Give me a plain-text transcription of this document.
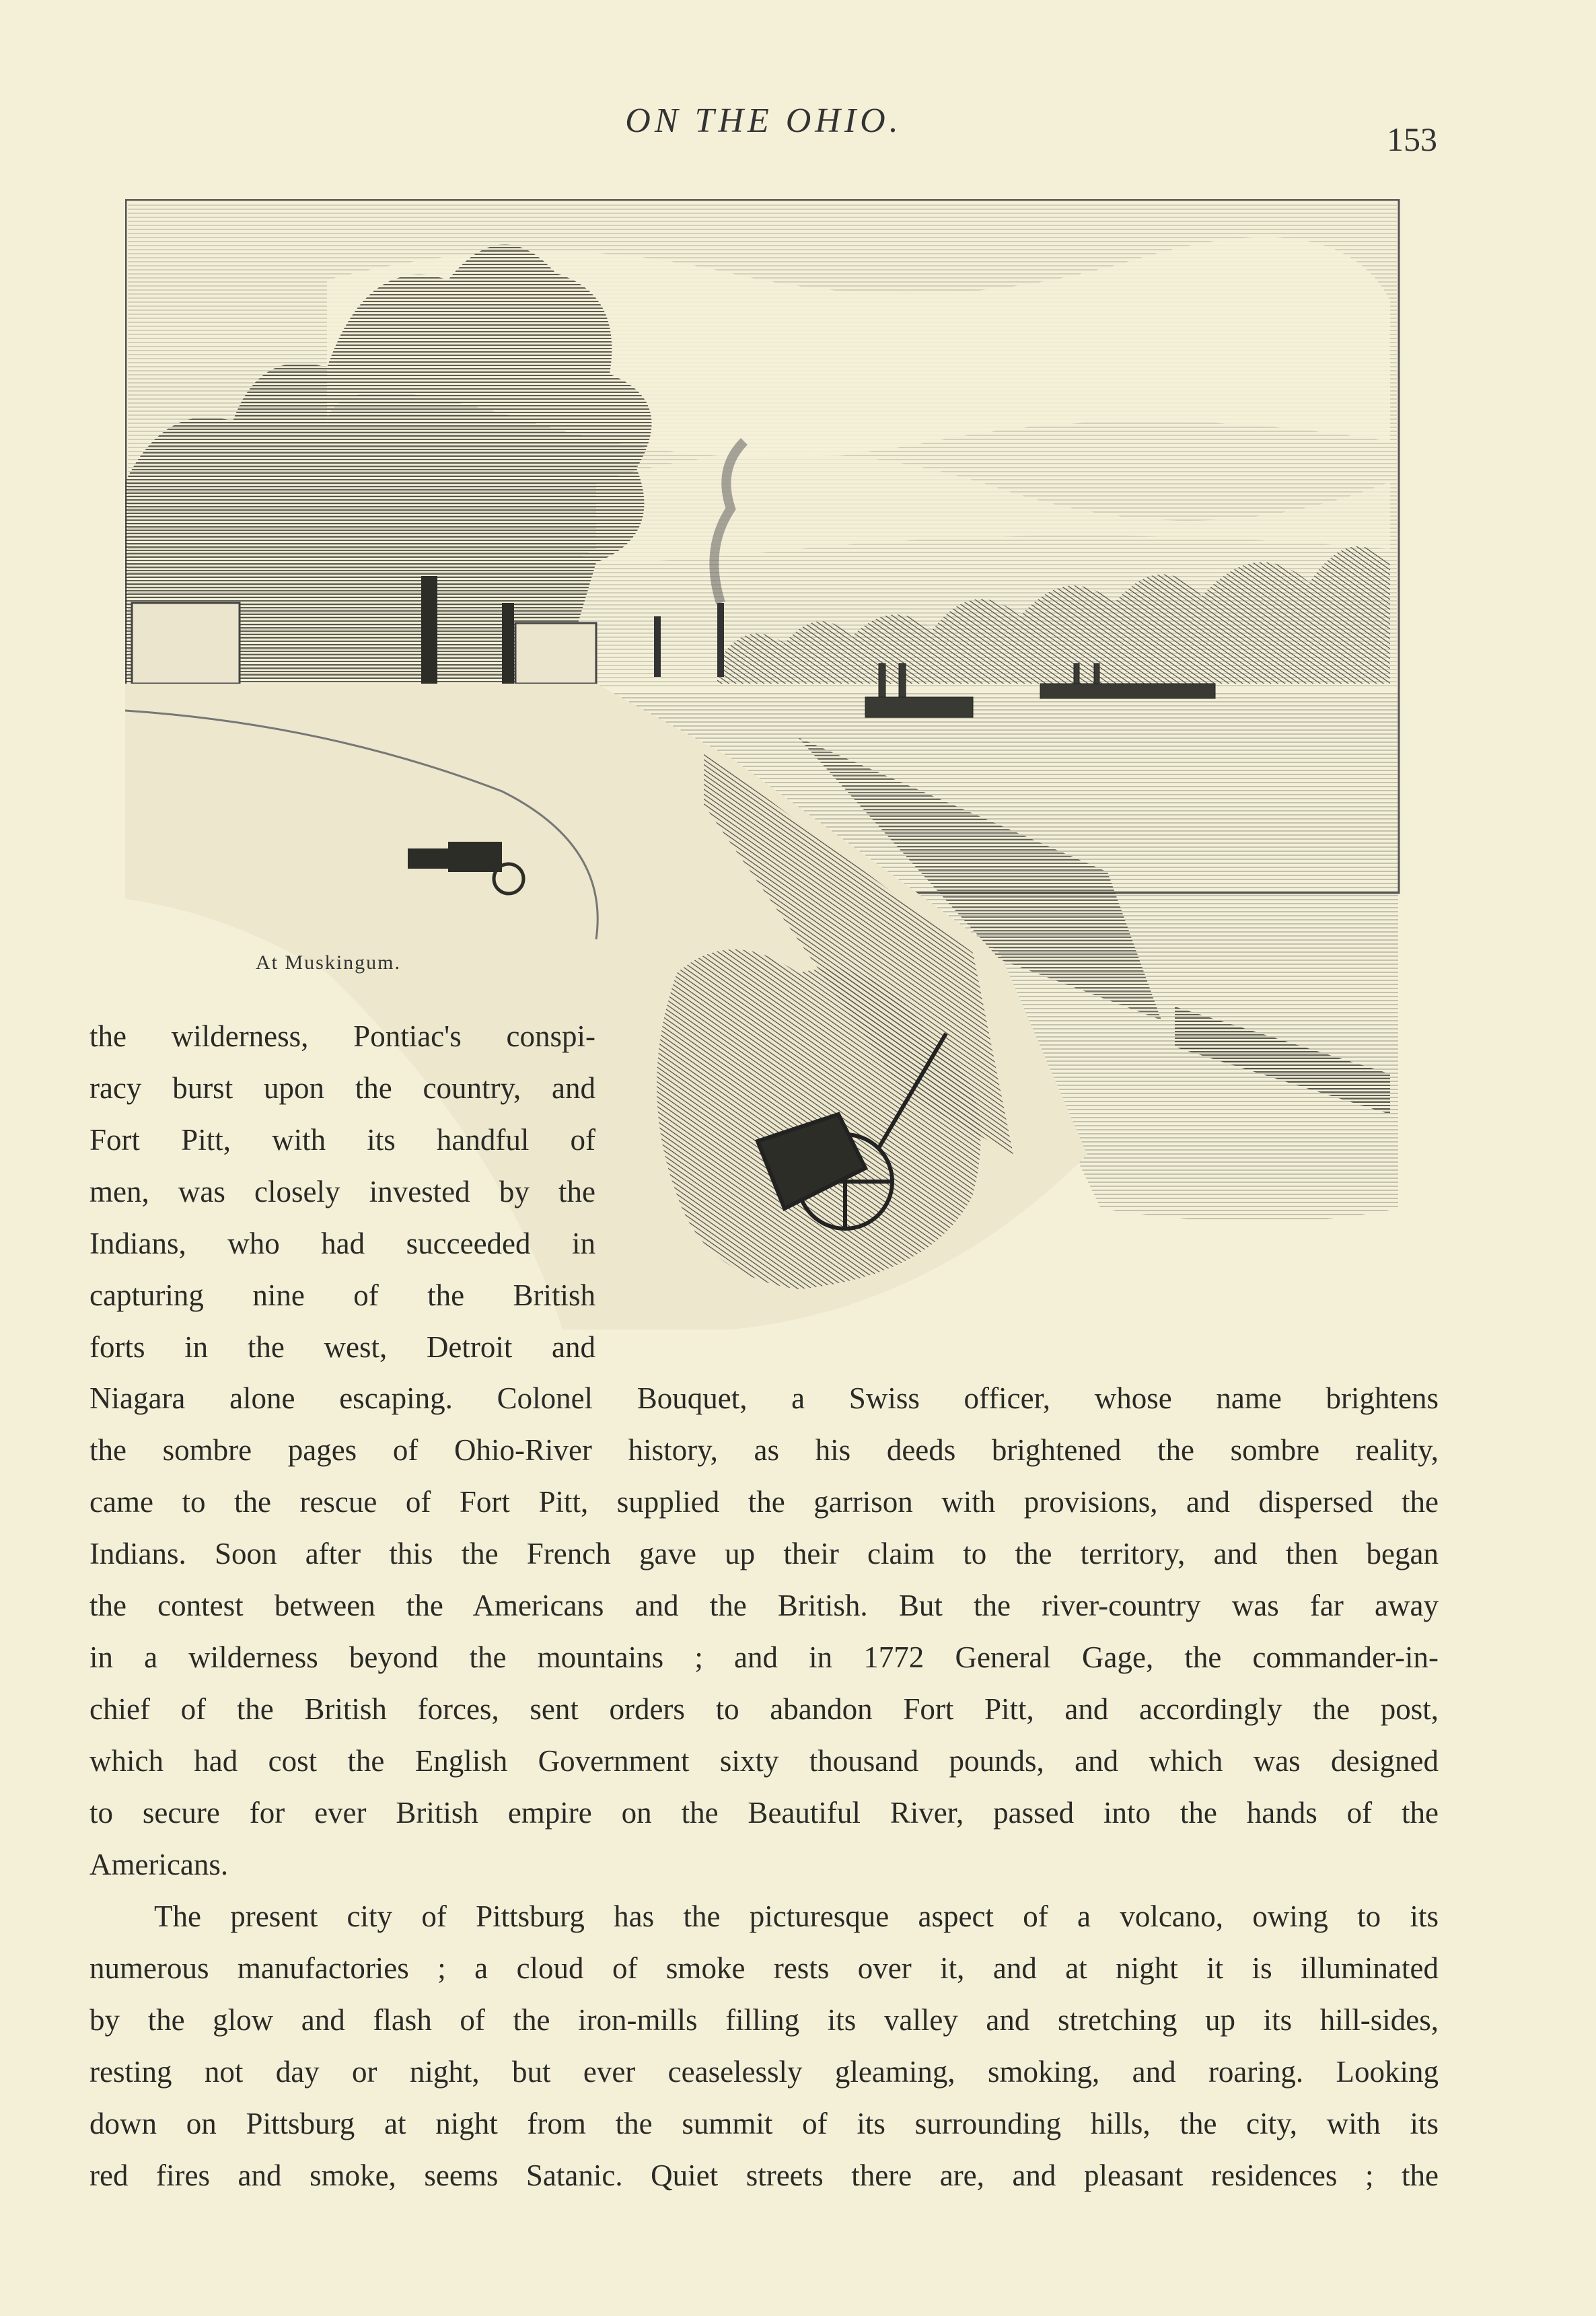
ON THE OHIO.	153
At Muskingum.
the wilderness, Pontiac's conspi-
racy burst upon the country, and
Fort Pitt, with its handful of
men, was closely invested by the
Indians, who had succeeded in
capturing nine of the British
forts in the west, Detroit and
Niagara alone escaping. Colonel Bouquet, a Swiss officer, whose name brightens
the sombre pages of Ohio-River history, as his deeds brightened the sombre reality,
came to the rescue of Fort Pitt, supplied the garrison with provisions, and dispersed the
Indians. Soon after this the French gave up their claim to the territory, and then began
the contest between the Americans and the British. But the river-country was far away
in a wilderness beyond the mountains ; and in 1772 General Gage, the commander-in-
chief of the British forces, sent orders to abandon Fort Pitt, and accordingly the post,
which had cost the English Government sixty thousand pounds, and which was designed
to secure for ever British empire on the Beautiful River, passed into the hands of the
Americans.
The present city of Pittsburg has the picturesque aspect of a volcano, owing to its
numerous manufactories ; a cloud of smoke rests over it, and at night it is illuminated
by the glow and flash of the iron-mills filling its valley and stretching up its hill-sides,
resting not day or night, but ever ceaselessly gleaming, smoking, and roaring. Looking
down on Pittsburg at night from the summit of its surrounding hills, the city, with its
red fires and smoke, seems Satanic. Quiet streets there are, and pleasant residences ; the
